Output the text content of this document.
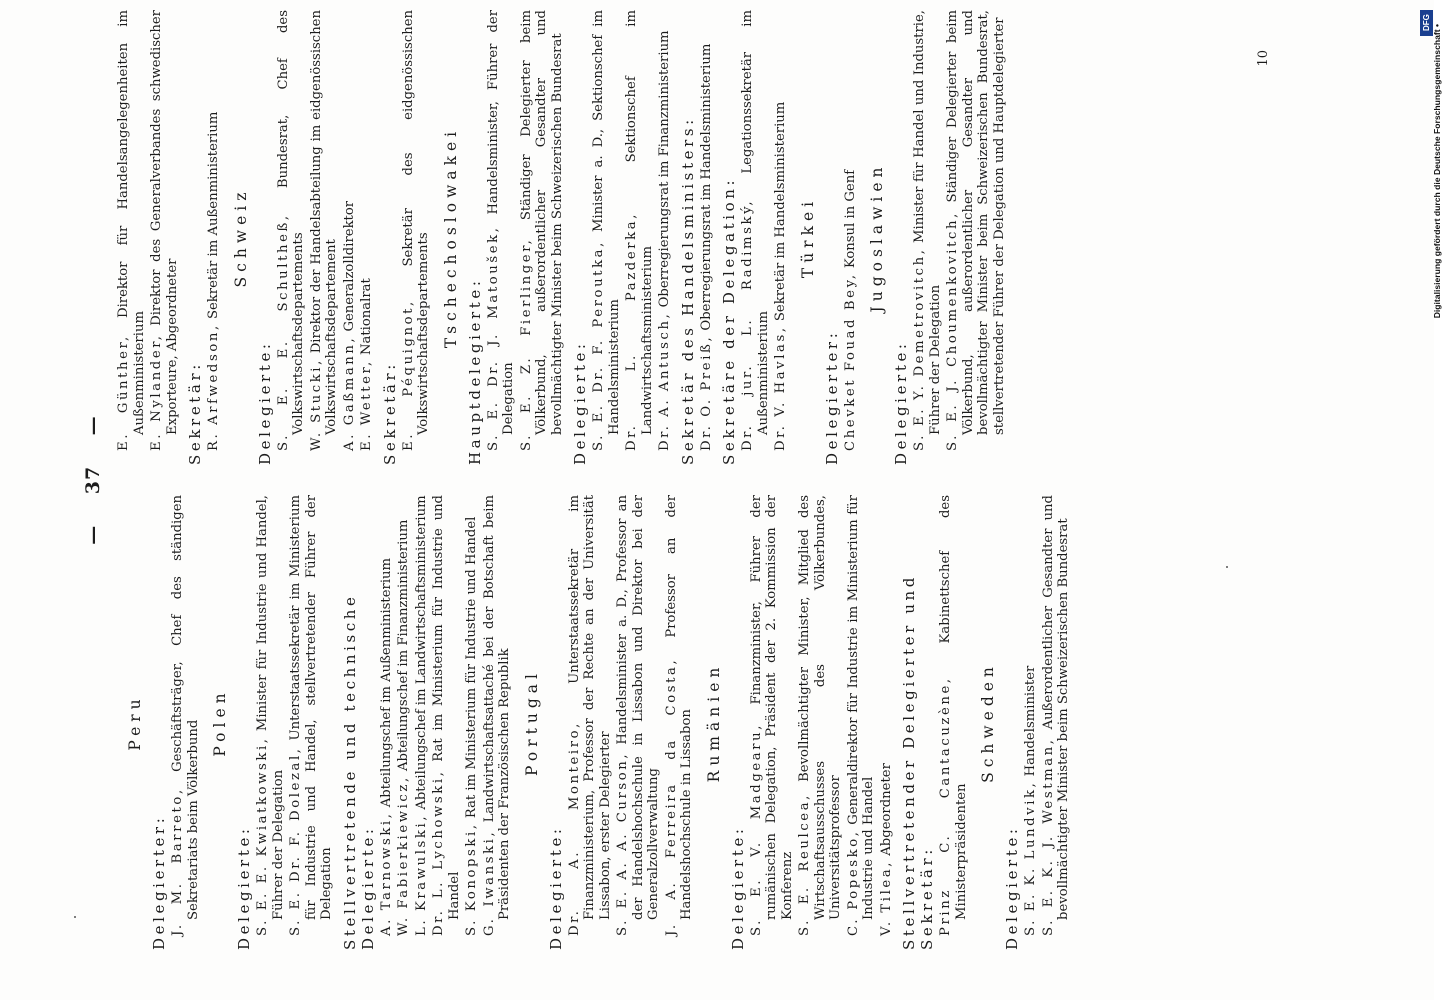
—    37    —
Peru
Delegierter: J. M. Barreto, Geschäftsträger, Chef des ständigen Sekretariats beim Völkerbund Polen
Delegierte: S. E. E. Kwiatkowski, Minister für Industrie und Handel, Führer der Delegation S. E. Dr. F. Dolezal, Unterstaatssekretär im Ministerium für Industrie und Handel, stellvertretender Führer der Delegation Stellvertretende und technische Delegierte: A. Tarnowski, Abteilungschef im Außenministerium
W. Fabierkiewicz, Abteilungschef im Finanzministerium
L. Krawulski, Abteilungschef im Landwirtschaftsministerium
Dr. L. Lychowski, Rat im Ministerium für Industrie und Handel S. Konopski, Rat im Ministerium für Industrie und Handel
G. Iwanski, Landwirtschaftsattaché bei der Botschaft beim Präsidenten der Französischen Republik Portugal
Delegierte: Dr. A. Monteiro, Unterstaatssekretär im Finanzministerium, Professor der Rechte an der Universität Lissabon, erster Delegierter S. E. A. A. Curson, Handelsminister a. D., Professor an der Handelshochschule in Lissabon und Direktor bei der Generalzollverwaltung J. A. Ferreira da Costa, Professor an der Handelshochschule in Lissabon Rumänien
Delegierte: S. E. V. Madgearu, Finanzminister, Führer der rumänischen Delegation, Präsident der 2. Kommission der Konferenz S. E. Reulcea, Bevollmächtigter Minister, Mitglied des Wirtschaftsausschusses des Völkerbundes, Universitätsprofessor C. Popesko, Generaldirektor für Industrie im Ministerium für Industrie und Handel V. Tilea, Abgeordneter Stellvertretender Delegierter und Sekretär: Prinz C. Cantacuzène, Kabinettschef des Ministerpräsidenten
Schweden
Delegierte: S. E. K. Lundvik, Handelsminister
S. E. K. J. Westman, Außerordentlicher Gesandter und bevollmächtigter Minister beim Schweizerischen Bundesrat
E. Günther, Direktor für Handelsangelegenheiten im Außenministerium E. Nylander, Direktor des Generalverbandes schwedischer Exporteure, Abgeordneter Sekretär: R. Arfwedson, Sekretär im Außenministerium Schweiz
Delegierte: S. E. E. Schultheß, Bundesrat, Chef des Volkswirtschaftsdepartements W. Stucki, Direktor der Handelsabteilung im eidgenössischen Volkswirtschaftsdepartement A. Gaßmann, Generalzolldirektor
E. Wetter, Nationalrat
Sekretär: E. Péquignot, Sekretär des eidgenössischen Volkswirtschaftsdepartements Tschechoslowakei
Hauptdelegierte: S. E. Dr. J. Matoušek, Handelsminister, Führer der Delegation S. E. Z. Fierlinger, Ständiger Delegierter beim Völkerbund, außerordentlicher Gesandter und bevollmächtigter Minister beim Schweizerischen Bundesrat Delegierte: S. E. Dr. F. Peroutka, Minister a. D., Sektionschef im Handelsministerium Dr. L. Pazderka, Sektionschef im Landwirtschaftsministerium Dr. A. Antusch, Oberregierungsrat im Finanzministerium Sekretär des Handelsministers: Dr. O. Preiß, Oberregierungsrat im Handelsministerium Sekretäre der Delegation: Dr. jur. L. Radimský, Legationssekretär im Außenministerium Dr. V. Havlas, Sekretär im Handelsministerium Türkei
Delegierter: Chevket Fouad Bey, Konsul in Genf Jugoslawien
Delegierte: S. E. Y. Demetrovitch, Minister für Handel und Industrie, Führer der Delegation S. E. J. Choumenkovitch, Ständiger Delegierter beim Völkerbund, außerordentlicher Gesandter und bevollmächtigter Minister beim Schweizerischen Bundesrat, stellvertretender Führer der Delegation und Hauptdelegierter	10
DFG
Digitalisierung gefördert durch die Deutsche Forschungsgemeinschaft •
